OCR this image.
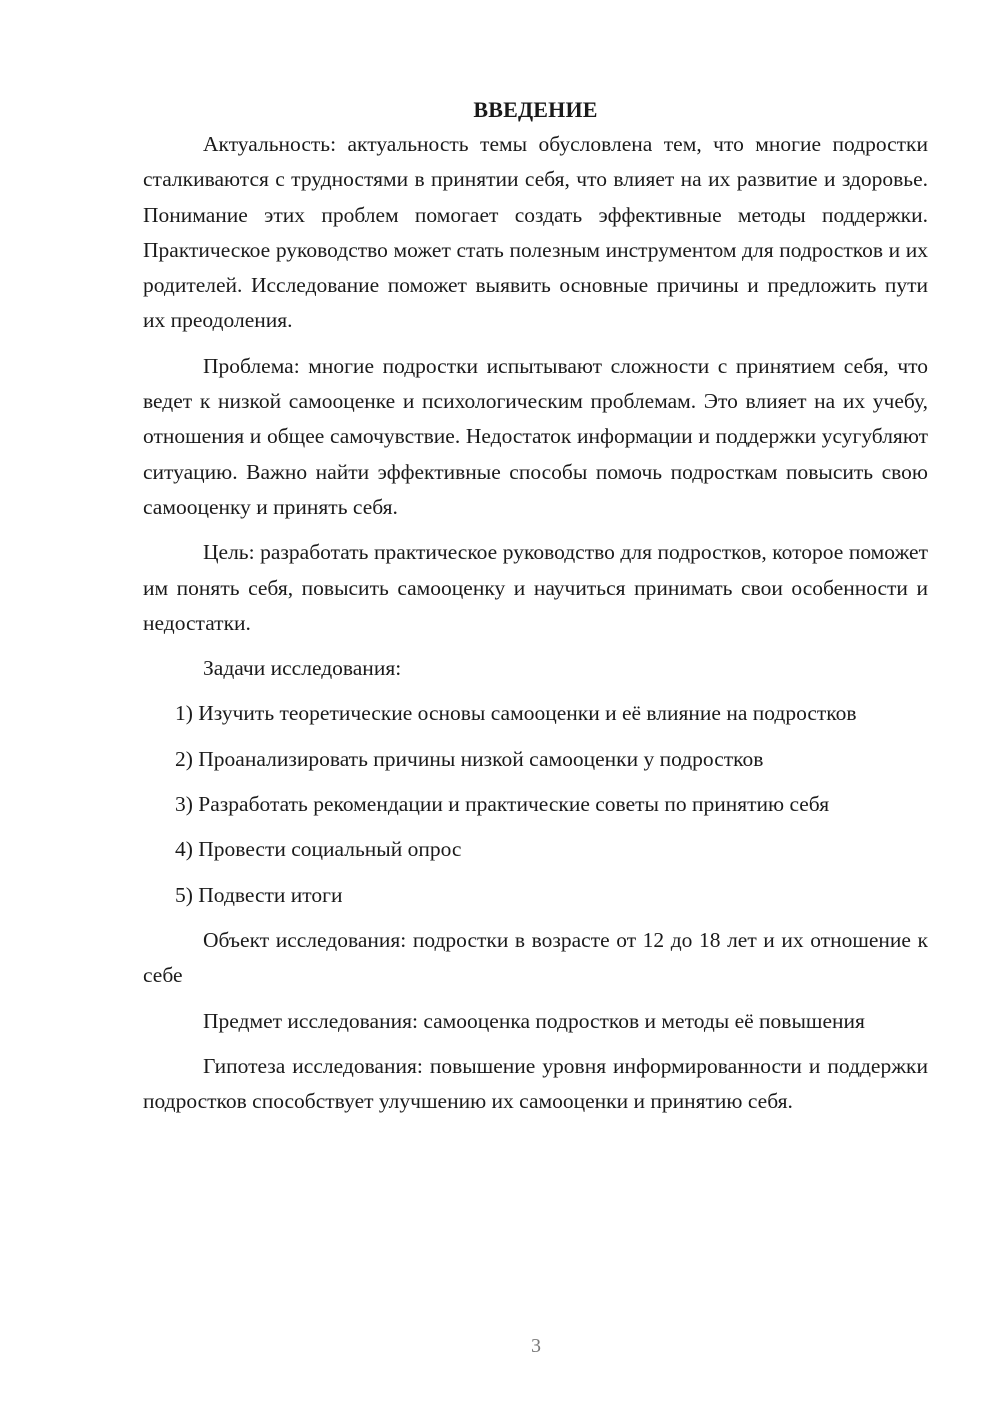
ВВЕДЕНИЕ

Актуальность: актуальность темы обусловлена тем, что многие подростки сталкиваются с трудностями в принятии себя, что влияет на их развитие и здоровье. Понимание этих проблем помогает создать эффективные методы поддержки. Практическое руководство может стать полезным инструментом для подростков и их родителей. Исследование поможет выявить основные причины и предложить пути их преодоления.

Проблема: многие подростки испытывают сложности с принятием себя, что ведет к низкой самооценке и психологическим проблемам. Это влияет на их учебу, отношения и общее самочувствие. Недостаток информации и поддержки усугубляют ситуацию. Важно найти эффективные способы помочь подросткам повысить свою самооценку и принять себя.

Цель: разработать практическое руководство для подростков, которое поможет им понять себя, повысить самооценку и научиться принимать свои особенности и недостатки.

Задачи исследования:

1) Изучить теоретические основы самооценки и её влияние на подростков

2) Проанализировать причины низкой самооценки у подростков

3) Разработать рекомендации и практические советы по принятию себя

4) Провести социальный опрос

5) Подвести итоги

Объект исследования: подростки в возрасте от 12 до 18 лет и их отношение к себе

Предмет исследования: самооценка подростков и методы её повышения

Гипотеза исследования: повышение уровня информированности и поддержки подростков способствует улучшению их самооценки и принятию себя.

3
